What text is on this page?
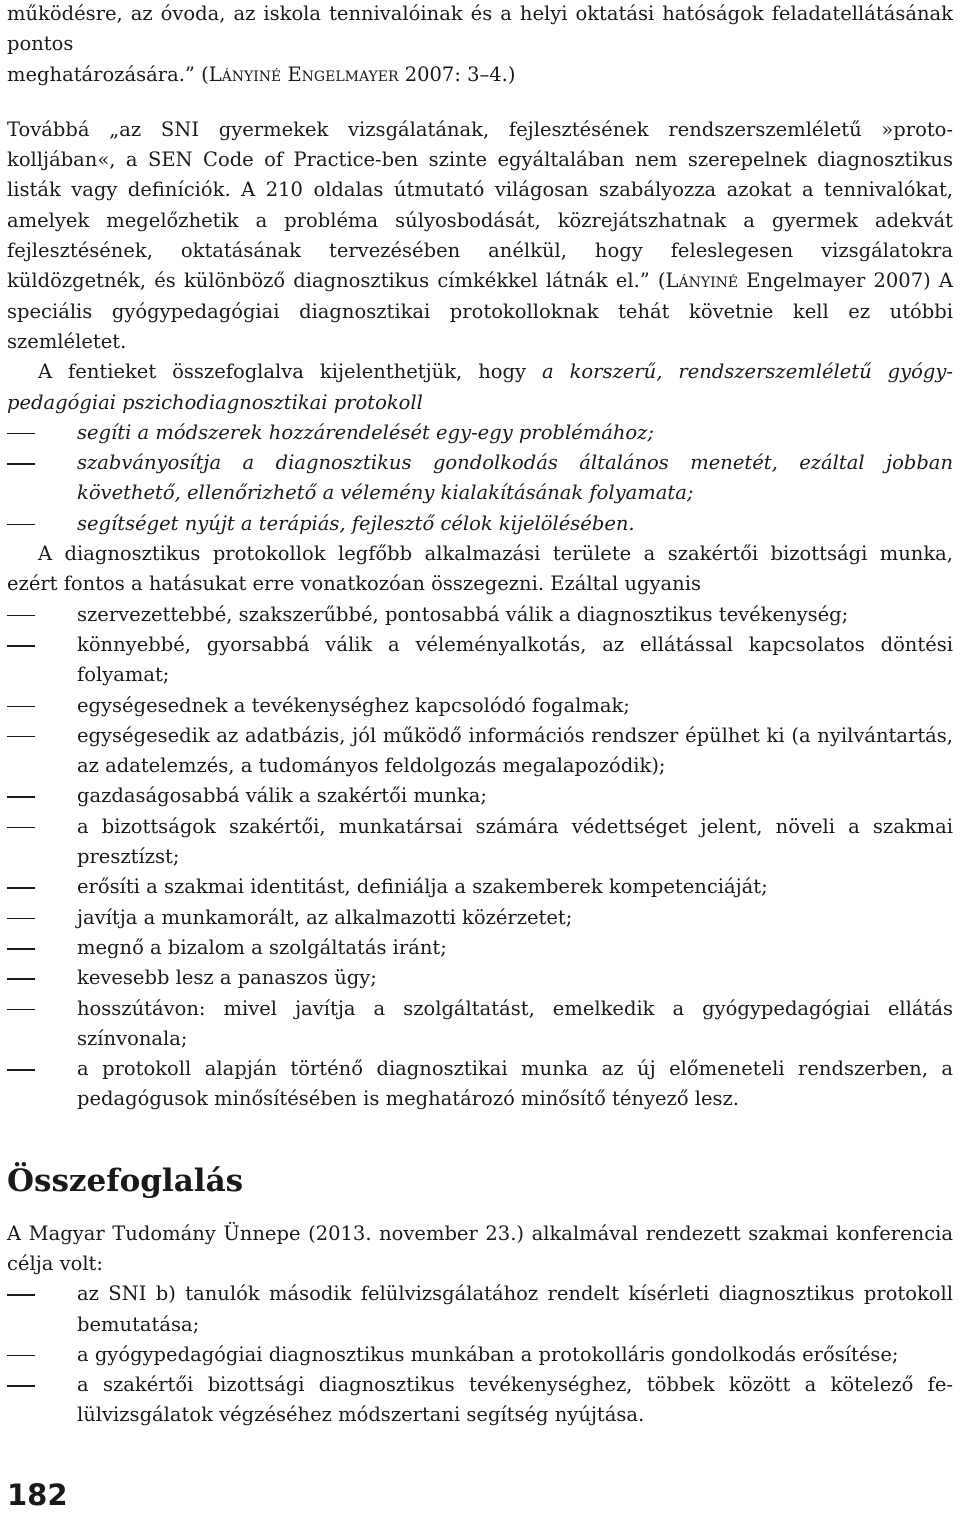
működésre, az óvoda, az iskola tennivalóinak és a helyi oktatási hatóságok feladatellátásának pontos
meghatározására.” (Lányiné Engelmayer 2007: 3–4.)

Továbbá „az SNI gyermekek vizsgálatának, fejlesztésének rendszerszemléletű »protokolljában«, a SEN Code of Practice-ben szinte egyáltalában nem szerepelnek diagnosztikus listák vagy definíciók. A 210 oldalas útmutató világosan szabályozza azokat a tennivalókat, amelyek megelőzhetik a probléma súlyosbodását, közrejátszhatnak a gyermek adekvát fejlesztésének, oktatásának tervezésében anélkül, hogy feleslegesen vizsgálatokra küldözgetnék, és különböző diagnosztikus címkékkel látnák el.” (Lányiné Engelmayer 2007) A speciális gyógypedagógiai diagnosztikai protokolloknak tehát követnie kell ez utóbbi szemléletet.

A fentieket összefoglalva kijelenthetjük, hogy a korszerű, rendszerszemléletű gyógypedagógiai pszichodiagnosztikai protokoll

segíti a módszerek hozzárendelését egy-egy problémához;
szabványosítja a diagnosztikus gondolkodás általános menetét, ezáltal jobban követhető, ellenőrizhető a vélemény kialakításának folyamata;
segítséget nyújt a terápiás, fejlesztő célok kijelölésében.

A diagnosztikus protokollok legfőbb alkalmazási területe a szakértői bizottsági munka, ezért fontos a hatásukat erre vonatkozóan összegezni. Ezáltal ugyanis

szervezettebbé, szakszerűbbé, pontosabbá válik a diagnosztikus tevékenység;
könnyebbé, gyorsabbá válik a véleményalkotás, az ellátással kapcsolatos döntési folyamat;
egységesednek a tevékenységhez kapcsolódó fogalmak;
egységesedik az adatbázis, jól működő információs rendszer épülhet ki (a nyilvántartás, az adatelemzés, a tudományos feldolgozás megalapozódik);
gazdaságosabbá válik a szakértői munka;
a bizottságok szakértői, munkatársai számára védettséget jelent, növeli a szakmai presztízst;
erősíti a szakmai identitást, definiálja a szakemberek kompetenciáját;
javítja a munkamorált, az alkalmazotti közérzetet;
megnő a bizalom a szolgáltatás iránt;
kevesebb lesz a panaszos ügy;
hosszútávon: mivel javítja a szolgáltatást, emelkedik a gyógypedagógiai ellátás színvonala;
a protokoll alapján történő diagnosztikai munka az új előmeneteli rendszerben, a pedagógusok minősítésében is meghatározó minősítő tényező lesz.
Összefoglalás

A Magyar Tudomány Ünnepe (2013. november 23.) alkalmával rendezett szakmai konferencia célja volt:

az SNI b) tanulók második felülvizsgálatához rendelt kísérleti diagnosztikus protokoll bemutatása;
a gyógypedagógiai diagnosztikus munkában a protokolláris gondolkodás erősítése;
a szakértői bizottsági diagnosztikus tevékenységhez, többek között a kötelező felülvizsgálatok végzéséhez módszertani segítség nyújtása.
182
